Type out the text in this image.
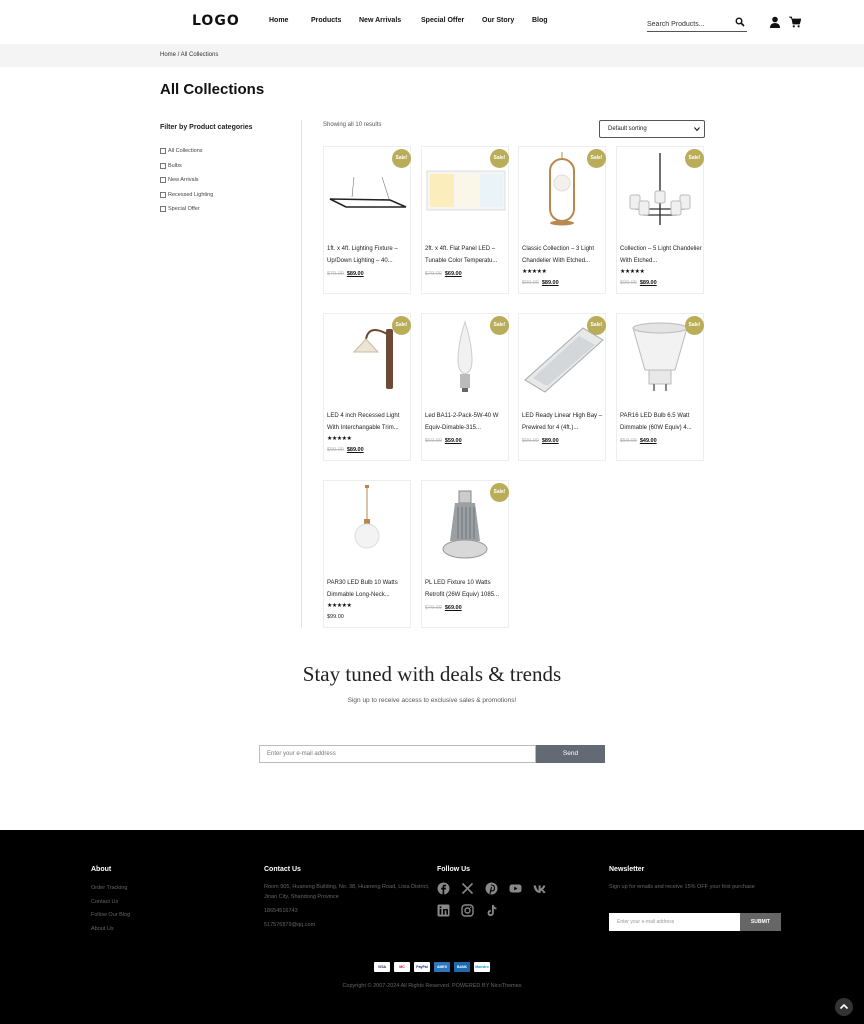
LOGO	Home	Products	New Arrivals	Special Offer	Our Story	Blog
Search Products...
Home / All Collections
All Collections
Filter by Product categories
All Collections
Bulbs
New Arrivals
Recessed Lighting
Special Offer
Showing all 10 results
Default sorting
Sale!
1ft. x 4ft. Lighting Fixture – Up/Down Lighting – 40...
$79.00 $89.00
Sale!
2ft. x 4ft. Flat Panel LED – Tunable Color Temperatu...
$79.00 $69.00
Sale!
Classic Collection – 3 Light Chandelier With Etched...
★★★★★
$99.00 $89.00
Sale!
Collection – 5 Light Chandelier With Etched...
★★★★★
$99.00 $89.00
Sale!
LED 4 inch Recessed Light With Interchangable Trim...
★★★★★
$99.00 $89.00
Sale!
Led BA11-2-Pack-5W-40 W Equiv-Dimable-315...
$69.00 $59.00
Sale!
LED Ready Linear High Bay – Prewired for 4 (4ft.)...
$99.00 $89.00
Sale!
PAR16 LED Bulb 6.5 Watt Dimmable (60W Equiv) 4...
$59.00 $49.00
PAR30 LED Bulb 10 Watts Dimmable Long-Neck...
★★★★★
$99.00
Sale!
PL LED Fixture 10 Watts Retrofit (26W Equiv) 1085...
$79.00 $69.00
Stay tuned with deals & trends
Sign up to receive access to exclusive sales & promotions!
Enter your e-mail address	Send
About
Order Tracking
Contact Us
Follow Our Blog
About Us
Contact Us
Room 905, Huaneng Building, No. 38, Huaneng Road, Lixia District, Jinan City, Shandong Province
18654516743
517576879@qq.com
Follow Us	Newsletter
Sign up for emails and receive 15% OFF your first purchase
Copyright © 2007-2024 All Rights Reserved. POWERED BY NicoThemes
Enter your e-mail address	SUBMIT
VISA	MC	PayPal	AMEX	BANK	Maestro
